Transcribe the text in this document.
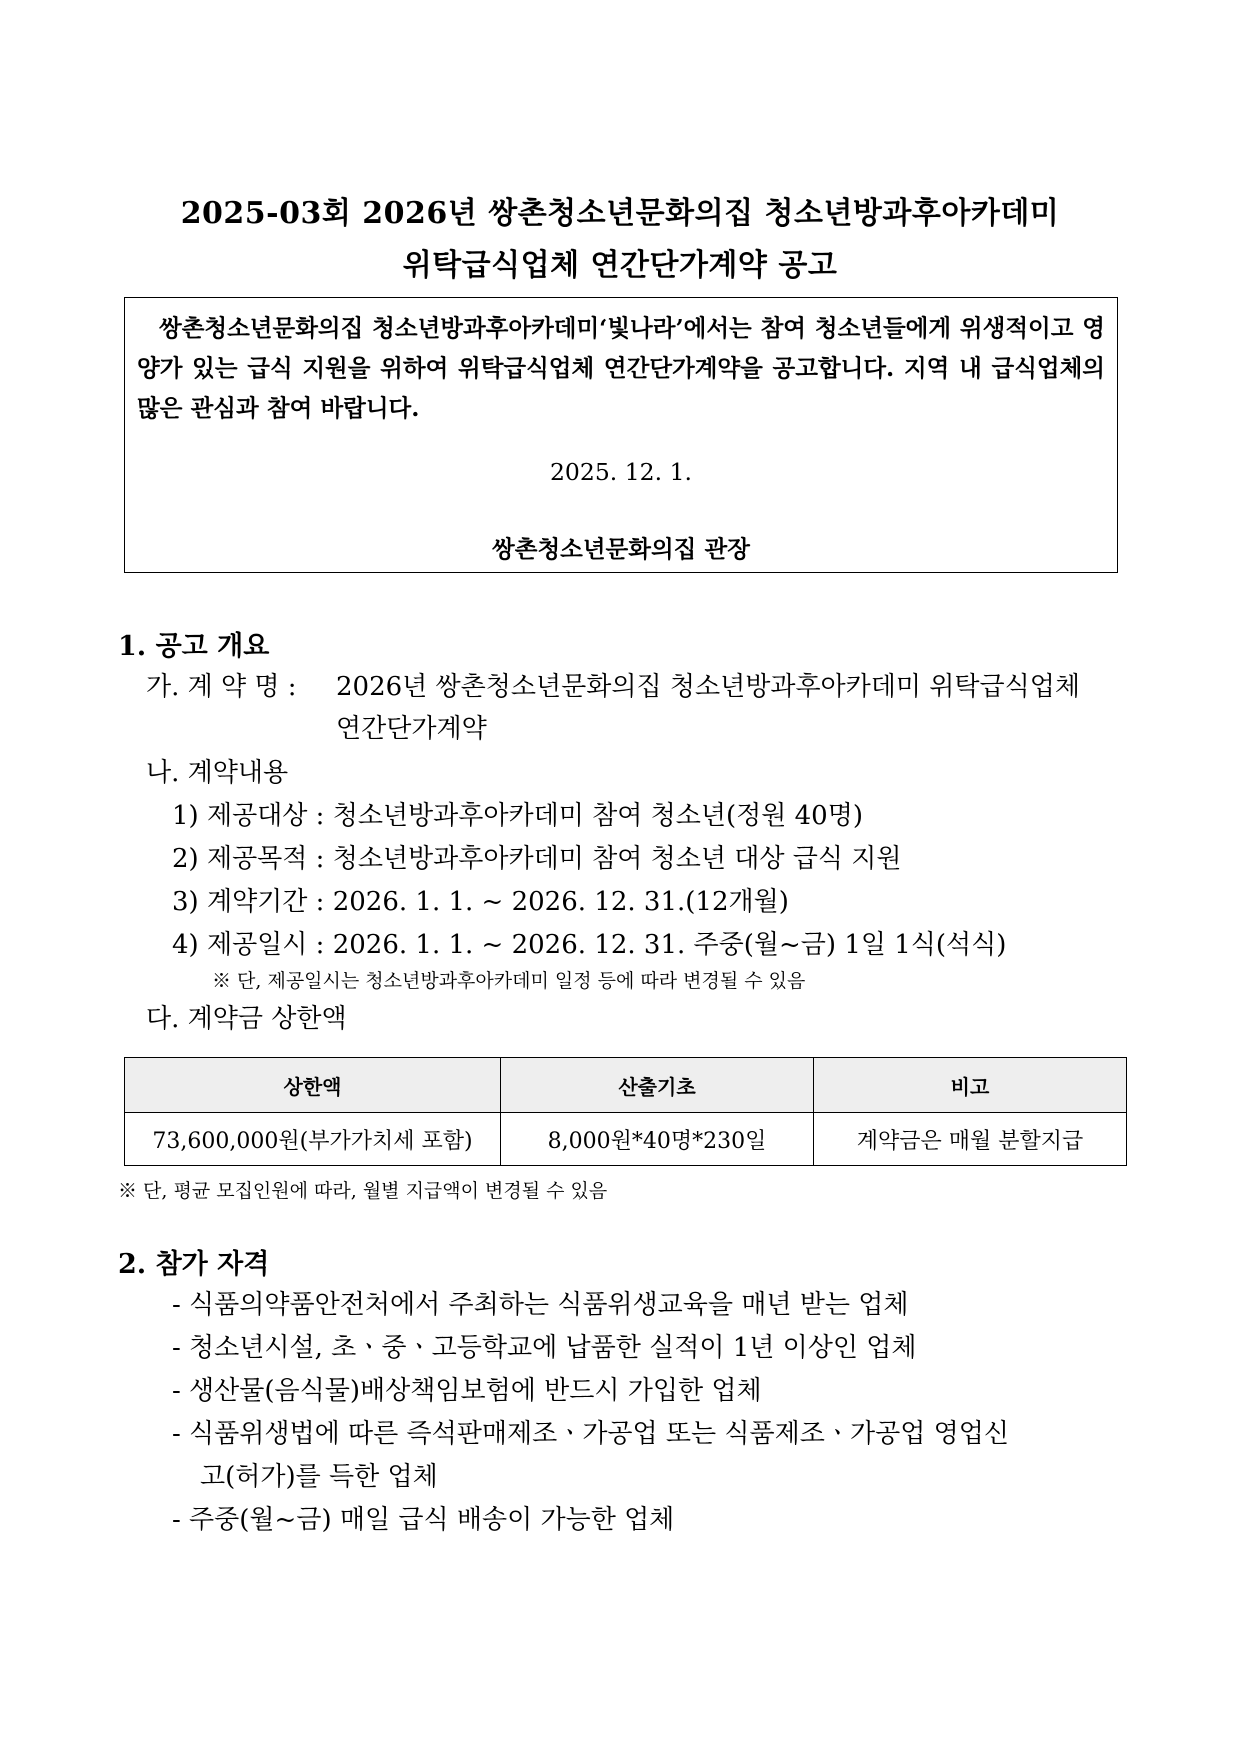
2025-03회 2026년 쌍촌청소년문화의집 청소년방과후아카데미
위탁급식업체 연간단가계약 공고
쌍촌청소년문화의집 청소년방과후아카데미‘빛나라’에서는 참여 청소년들에게 위생적이고 영양가 있는 급식 지원을 위하여 위탁급식업체 연간단가계약을 공고합니다. 지역 내 급식업체의 많은 관심과 참여 바랍니다.
2025. 12. 1.
쌍촌청소년문화의집 관장
1. 공고 개요
가. 계 약 명 : 2026년 쌍촌청소년문화의집 청소년방과후아카데미 위탁급식업체
연간단가계약
나. 계약내용
1) 제공대상 : 청소년방과후아카데미 참여 청소년(정원 40명)
2) 제공목적 : 청소년방과후아카데미 참여 청소년 대상 급식 지원
3) 계약기간 : 2026. 1. 1. ~ 2026. 12. 31.(12개월)
4) 제공일시 : 2026. 1. 1. ~ 2026. 12. 31. 주중(월~금) 1일 1식(석식)
※ 단, 제공일시는 청소년방과후아카데미 일정 등에 따라 변경될 수 있음
다. 계약금 상한액
상한액	산출기초	비고
73,600,000원(부가가치세 포함)	8,000원*40명*230일	계약금은 매월 분할지급
※ 단, 평균 모집인원에 따라, 월별 지급액이 변경될 수 있음
2. 참가 자격
- 식품의약품안전처에서 주최하는 식품위생교육을 매년 받는 업체
- 청소년시설, 초ㆍ중ㆍ고등학교에 납품한 실적이 1년 이상인 업체
- 생산물(음식물)배상책임보험에 반드시 가입한 업체
- 식품위생법에 따른 즉석판매제조ㆍ가공업 또는 식품제조ㆍ가공업 영업신
고(허가)를 득한 업체
- 주중(월~금) 매일 급식 배송이 가능한 업체
